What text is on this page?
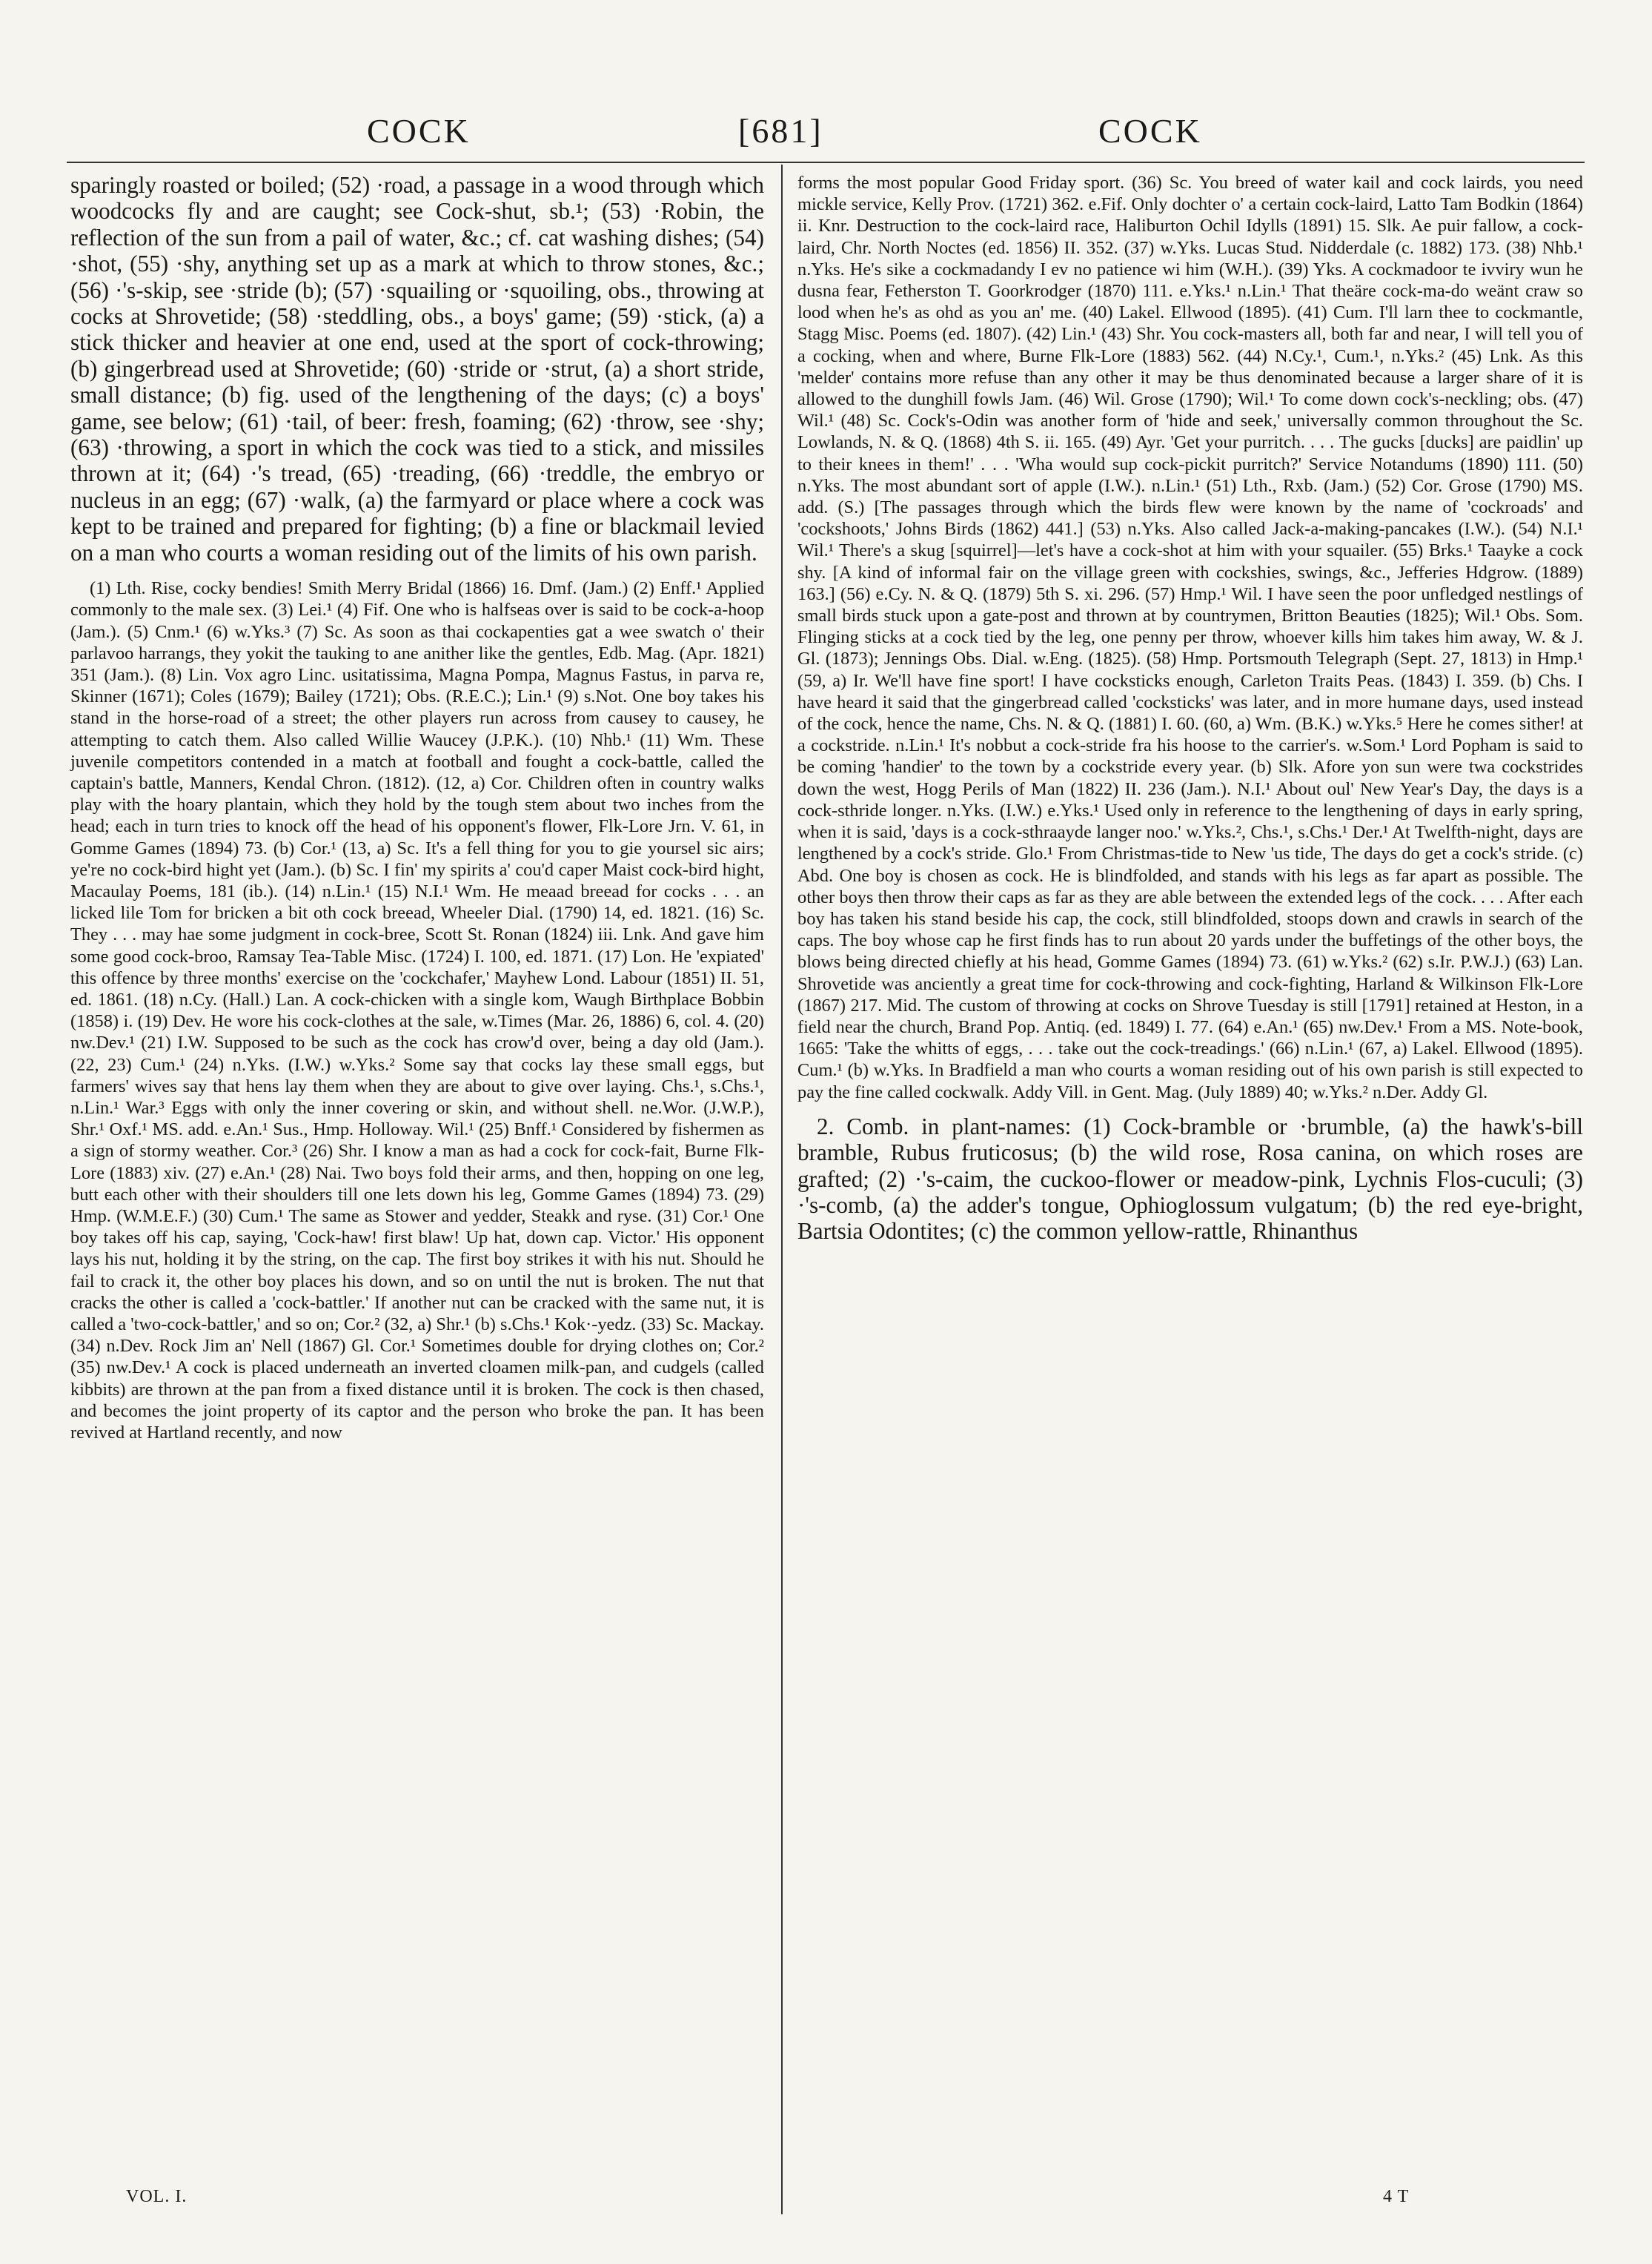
COCK	[681]	COCK

sparingly roasted or boiled; (52) ·road, a passage in a wood through which woodcocks fly and are caught; see Cock-shut, sb.¹; (53) ·Robin, the reflection of the sun from a pail of water, &c.; cf. cat washing dishes; (54) ·shot, (55) ·shy, anything set up as a mark at which to throw stones, &c.; (56) ·'s-skip, see ·stride (b); (57) ·squailing or ·squoiling, obs., throwing at cocks at Shrovetide; (58) ·steddling, obs., a boys' game; (59) ·stick, (a) a stick thicker and heavier at one end, used at the sport of cock-throwing; (b) gingerbread used at Shrovetide; (60) ·stride or ·strut, (a) a short stride, small distance; (b) fig. used of the lengthening of the days; (c) a boys' game, see below; (61) ·tail, of beer: fresh, foaming; (62) ·throw, see ·shy; (63) ·throwing, a sport in which the cock was tied to a stick, and missiles thrown at it; (64) ·'s tread, (65) ·treading, (66) ·treddle, the embryo or nucleus in an egg; (67) ·walk, (a) the farmyard or place where a cock was kept to be trained and prepared for fighting; (b) a fine or blackmail levied on a man who courts a woman residing out of the limits of his own parish.

(1) Lth. Rise, cocky bendies! Smith Merry Bridal (1866) 16. Dmf. (Jam.) (2) Enff.¹ Applied commonly to the male sex. (3) Lei.¹ (4) Fif. One who is halfseas over is said to be cock-a-hoop (Jam.). (5) Cnm.¹ (6) w.Yks.³ (7) Sc. As soon as thai cockapenties gat a wee swatch o' their parlavoo harrangs, they yokit the tauking to ane anither like the gentles, Edb. Mag. (Apr. 1821) 351 (Jam.). (8) Lin. Vox agro Linc. usitatissima, Magna Pompa, Magnus Fastus, in parva re, Skinner (1671); Coles (1679); Bailey (1721); Obs. (R.E.C.); Lin.¹ (9) s.Not. One boy takes his stand in the horse-road of a street; the other players run across from causey to causey, he attempting to catch them. Also called Willie Waucey (J.P.K.). (10) Nhb.¹ (11) Wm. These juvenile competitors contended in a match at football and fought a cock-battle, called the captain's battle, Manners, Kendal Chron. (1812). (12, a) Cor. Children often in country walks play with the hoary plantain, which they hold by the tough stem about two inches from the head; each in turn tries to knock off the head of his opponent's flower, Flk-Lore Jrn. V. 61, in Gomme Games (1894) 73. (b) Cor.¹ (13, a) Sc. It's a fell thing for you to gie yoursel sic airs; ye're no cock-bird hight yet (Jam.). (b) Sc. I fin' my spirits a' cou'd caper Maist cock-bird hight, Macaulay Poems, 181 (ib.). (14) n.Lin.¹ (15) N.I.¹ Wm. He meaad breead for cocks . . . an licked lile Tom for bricken a bit oth cock breead, Wheeler Dial. (1790) 14, ed. 1821. (16) Sc. They . . . may hae some judgment in cock-bree, Scott St. Ronan (1824) iii. Lnk. And gave him some good cock-broo, Ramsay Tea-Table Misc. (1724) I. 100, ed. 1871. (17) Lon. He 'expiated' this offence by three months' exercise on the 'cockchafer,' Mayhew Lond. Labour (1851) II. 51, ed. 1861. (18) n.Cy. (Hall.) Lan. A cock-chicken with a single kom, Waugh Birthplace Bobbin (1858) i. (19) Dev. He wore his cock-clothes at the sale, w.Times (Mar. 26, 1886) 6, col. 4. (20) nw.Dev.¹ (21) I.W. Supposed to be such as the cock has crow'd over, being a day old (Jam.). (22, 23) Cum.¹ (24) n.Yks. (I.W.) w.Yks.² Some say that cocks lay these small eggs, but farmers' wives say that hens lay them when they are about to give over laying. Chs.¹, s.Chs.¹, n.Lin.¹ War.³ Eggs with only the inner covering or skin, and without shell. ne.Wor. (J.W.P.), Shr.¹ Oxf.¹ MS. add. e.An.¹ Sus., Hmp. Holloway. Wil.¹ (25) Bnff.¹ Considered by fishermen as a sign of stormy weather. Cor.³ (26) Shr. I know a man as had a cock for cock-fait, Burne Flk-Lore (1883) xiv. (27) e.An.¹ (28) Nai. Two boys fold their arms, and then, hopping on one leg, butt each other with their shoulders till one lets down his leg, Gomme Games (1894) 73. (29) Hmp. (W.M.E.F.) (30) Cum.¹ The same as Stower and yedder, Steakk and ryse. (31) Cor.¹ One boy takes off his cap, saying, 'Cock-haw! first blaw! Up hat, down cap. Victor.' His opponent lays his nut, holding it by the string, on the cap. The first boy strikes it with his nut. Should he fail to crack it, the other boy places his down, and so on until the nut is broken. The nut that cracks the other is called a 'cock-battler.' If another nut can be cracked with the same nut, it is called a 'two-cock-battler,' and so on; Cor.² (32, a) Shr.¹ (b) s.Chs.¹ Kok·-yedz. (33) Sc. Mackay. (34) n.Dev. Rock Jim an' Nell (1867) Gl. Cor.¹ Sometimes double for drying clothes on; Cor.² (35) nw.Dev.¹ A cock is placed underneath an inverted cloamen milk-pan, and cudgels (called kibbits) are thrown at the pan from a fixed distance until it is broken. The cock is then chased, and becomes the joint property of its captor and the person who broke the pan. It has been revived at Hartland recently, and now

forms the most popular Good Friday sport. (36) Sc. You breed of water kail and cock lairds, you need mickle service, Kelly Prov. (1721) 362. e.Fif. Only dochter o' a certain cock-laird, Latto Tam Bodkin (1864) ii. Knr. Destruction to the cock-laird race, Haliburton Ochil Idylls (1891) 15. Slk. Ae puir fallow, a cock-laird, Chr. North Noctes (ed. 1856) II. 352. (37) w.Yks. Lucas Stud. Nidderdale (c. 1882) 173. (38) Nhb.¹ n.Yks. He's sike a cockmadandy I ev no patience wi him (W.H.). (39) Yks. A cockmadoor te ivviry wun he dusna fear, Fetherston T. Goorkrodger (1870) 111. e.Yks.¹ n.Lin.¹ That theäre cock-ma-do weänt craw so lood when he's as ohd as you an' me. (40) Lakel. Ellwood (1895). (41) Cum. I'll larn thee to cockmantle, Stagg Misc. Poems (ed. 1807). (42) Lin.¹ (43) Shr. You cock-masters all, both far and near, I will tell you of a cocking, when and where, Burne Flk-Lore (1883) 562. (44) N.Cy.¹, Cum.¹, n.Yks.² (45) Lnk. As this 'melder' contains more refuse than any other it may be thus denominated because a larger share of it is allowed to the dunghill fowls Jam. (46) Wil. Grose (1790); Wil.¹ To come down cock's-neckling; obs. (47) Wil.¹ (48) Sc. Cock's-Odin was another form of 'hide and seek,' universally common throughout the Sc. Lowlands, N. & Q. (1868) 4th S. ii. 165. (49) Ayr. 'Get your purritch. . . . The gucks [ducks] are paidlin' up to their knees in them!' . . . 'Wha would sup cock-pickit purritch?' Service Notandums (1890) 111. (50) n.Yks. The most abundant sort of apple (I.W.). n.Lin.¹ (51) Lth., Rxb. (Jam.) (52) Cor. Grose (1790) MS. add. (S.) [The passages through which the birds flew were known by the name of 'cockroads' and 'cockshoots,' Johns Birds (1862) 441.] (53) n.Yks. Also called Jack-a-making-pancakes (I.W.). (54) N.I.¹ Wil.¹ There's a skug [squirrel]—let's have a cock-shot at him with your squailer. (55) Brks.¹ Taayke a cock shy. [A kind of informal fair on the village green with cockshies, swings, &c., Jefferies Hdgrow. (1889) 163.] (56) e.Cy. N. & Q. (1879) 5th S. xi. 296. (57) Hmp.¹ Wil. I have seen the poor unfledged nestlings of small birds stuck upon a gate-post and thrown at by countrymen, Britton Beauties (1825); Wil.¹ Obs. Som. Flinging sticks at a cock tied by the leg, one penny per throw, whoever kills him takes him away, W. & J. Gl. (1873); Jennings Obs. Dial. w.Eng. (1825). (58) Hmp. Portsmouth Telegraph (Sept. 27, 1813) in Hmp.¹ (59, a) Ir. We'll have fine sport! I have cocksticks enough, Carleton Traits Peas. (1843) I. 359. (b) Chs. I have heard it said that the gingerbread called 'cocksticks' was later, and in more humane days, used instead of the cock, hence the name, Chs. N. & Q. (1881) I. 60. (60, a) Wm. (B.K.) w.Yks.⁵ Here he comes sither! at a cockstride. n.Lin.¹ It's nobbut a cock-stride fra his hoose to the carrier's. w.Som.¹ Lord Popham is said to be coming 'handier' to the town by a cockstride every year. (b) Slk. Afore yon sun were twa cockstrides down the west, Hogg Perils of Man (1822) II. 236 (Jam.). N.I.¹ About oul' New Year's Day, the days is a cock-sthride longer. n.Yks. (I.W.) e.Yks.¹ Used only in reference to the lengthening of days in early spring, when it is said, 'days is a cock-sthraayde langer noo.' w.Yks.², Chs.¹, s.Chs.¹ Der.¹ At Twelfth-night, days are lengthened by a cock's stride. Glo.¹ From Christmas-tide to New 'us tide, The days do get a cock's stride. (c) Abd. One boy is chosen as cock. He is blindfolded, and stands with his legs as far apart as possible. The other boys then throw their caps as far as they are able between the extended legs of the cock. . . . After each boy has taken his stand beside his cap, the cock, still blindfolded, stoops down and crawls in search of the caps. The boy whose cap he first finds has to run about 20 yards under the buffetings of the other boys, the blows being directed chiefly at his head, Gomme Games (1894) 73. (61) w.Yks.² (62) s.Ir. P.W.J.) (63) Lan. Shrovetide was anciently a great time for cock-throwing and cock-fighting, Harland & Wilkinson Flk-Lore (1867) 217. Mid. The custom of throwing at cocks on Shrove Tuesday is still [1791] retained at Heston, in a field near the church, Brand Pop. Antiq. (ed. 1849) I. 77. (64) e.An.¹ (65) nw.Dev.¹ From a MS. Note-book, 1665: 'Take the whitts of eggs, . . . take out the cock-treadings.' (66) n.Lin.¹ (67, a) Lakel. Ellwood (1895). Cum.¹ (b) w.Yks. In Bradfield a man who courts a woman residing out of his own parish is still expected to pay the fine called cockwalk. Addy Vill. in Gent. Mag. (July 1889) 40; w.Yks.² n.Der. Addy Gl.

2. Comb. in plant-names: (1) Cock-bramble or ·brumble, (a) the hawk's-bill bramble, Rubus fruticosus; (b) the wild rose, Rosa canina, on which roses are grafted; (2) ·'s-caim, the cuckoo-flower or meadow-pink, Lychnis Flos-cuculi; (3) ·'s-comb, (a) the adder's tongue, Ophioglossum vulgatum; (b) the red eye-bright, Bartsia Odontites; (c) the common yellow-rattle, Rhinanthus

VOL. I.	4 T
